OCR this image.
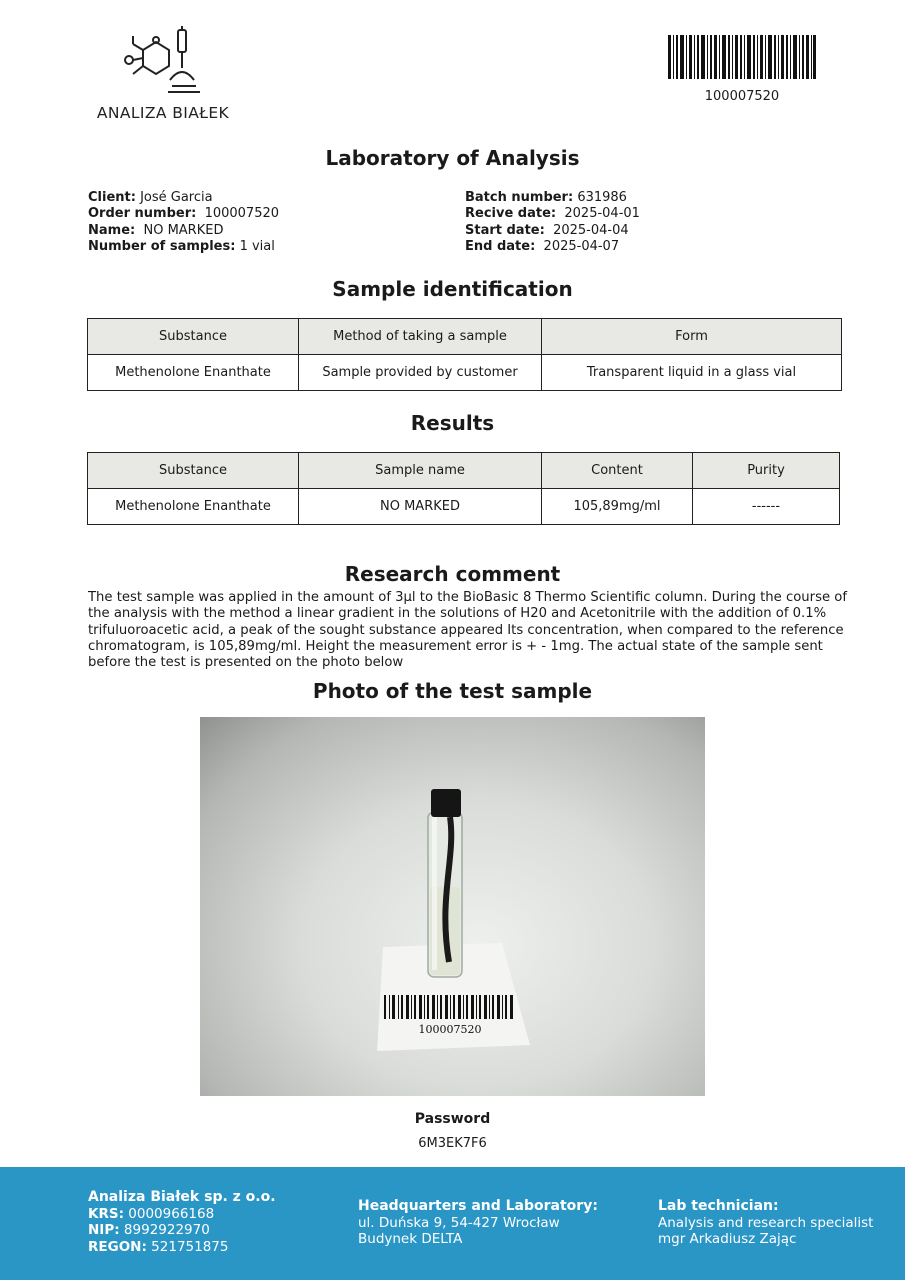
ANALIZA BIAŁEK
100007520
Laboratory of Analysis
Client: José Garcia
Order number: 100007520
Name: NO MARKED
Number of samples: 1 vial
Batch number: 631986
Recive date: 2025-04-01
Start date: 2025-04-04
End date: 2025-04-07
Sample identification
Substance	Method of taking a sample	Form
Methenolone Enanthate	Sample provided by customer	Transparent liquid in a glass vial
Results
Substance	Sample name	Content	Purity
Methenolone Enanthate	NO MARKED	105,89mg/ml	------
Research comment
The test sample was applied in the amount of 3µl to the BioBasic 8 Thermo Scientific column. During the course of the analysis with the method a linear gradient in the solutions of H20 and Acetonitrile with the addition of 0.1% trifuluoroacetic acid, a peak of the sought substance appeared Its concentration, when compared to the reference chromatogram, is 105,89mg/ml. Height the measurement error is + - 1mg. The actual state of the sample sent before the test is presented on the photo below
Photo of the test sample
100007520
Password
6M3EK7F6
Analiza Białek sp. z o.o.
KRS: 0000966168
NIP: 8992922970
REGON: 521751875
Headquarters and Laboratory:
ul. Duńska 9, 54-427 Wrocław
Budynek DELTA
Lab technician:
Analysis and research specialist
mgr Arkadiusz Zając
